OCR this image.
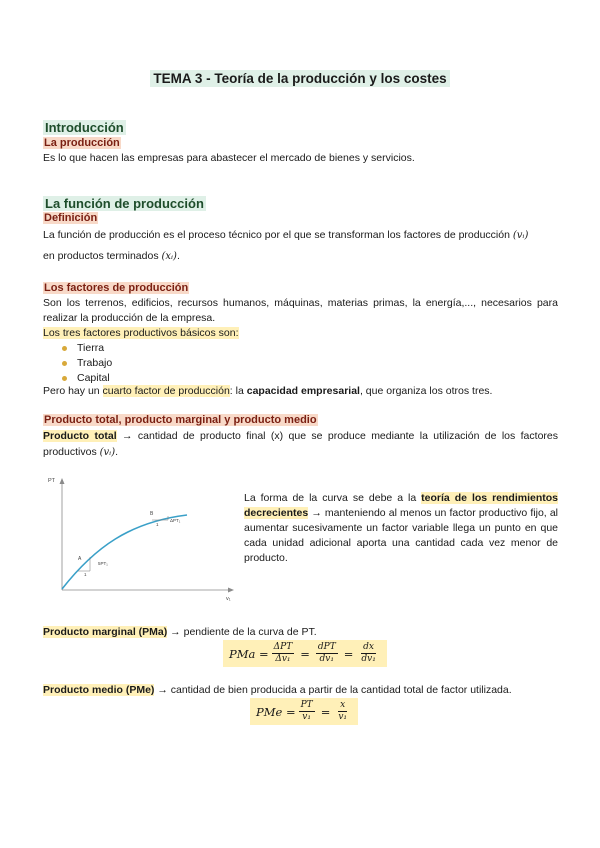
TEMA 3 - Teoría de la producción y los costes
Introducción
La producción
Es lo que hacen las empresas para abastecer el mercado de bienes y servicios.
La función de producción
Definición
La función de producción es el proceso técnico por el que se transforman los factores de producción (vᵢ)
en productos terminados (xᵢ).
Los factores de producción
Son los terrenos, edificios, recursos humanos, máquinas, materias primas, la energía,..., necesarios para realizar la producción de la empresa.
Los tres factores productivos básicos son:
Tierra
Trabajo
Capital
Pero hay un cuarto factor de producción: la capacidad empresarial, que organiza los otros tres.
Producto total, producto marginal y producto medio
Producto total → cantidad de producto final (x) que se produce mediante la utilización de los factores productivos (vᵢ).
PT
v₁
A
B
5PT₁
ΔPT₁
1
1
La forma de la curva se debe a la teoría de los rendimientos decrecientes → manteniendo al menos un factor productivo fijo, al aumentar sucesivamente un factor variable llega un punto en que cada unidad adicional aporta una cantidad cada vez menor de producto.
Producto marginal (PMa) → pendiente de la curva de PT.
PMa = $\frac{\text{ΔPT}}{\text{Δv₁}} = \frac{\text{dPT}}{\text{dv₁}} = \frac{dx}{\text{dv₁}}$
Producto medio (PMe) → cantidad de bien producida a partir de la cantidad total de factor utilizada.
PMe = $\frac{PT}{\text{v₁}} = \frac{x}{\text{v₁}}$
